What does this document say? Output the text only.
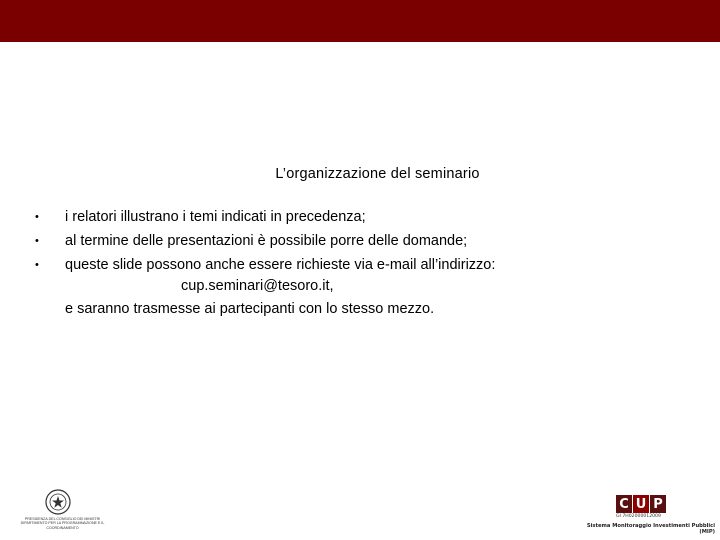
L’organizzazione del seminario
•	i relatori illustrano i temi indicati in precedenza;
•	al termine delle presentazioni è possibile porre delle domande;
•	queste slide possono anche essere richieste via e-mail all’indirizzo:
cup.seminari@tesoro.it,
e saranno trasmesse ai partecipanti con lo stesso mezzo.
PRESIDENZA DEL CONSIGLIO DEI MINISTRI
DIPARTIMENTO PER LA PROGRAMMAZIONE E IL COORDINAMENTO
C U P
GI 7H02000012009
Sistema Monitoraggio Investimenti Pubblici (MIP)
